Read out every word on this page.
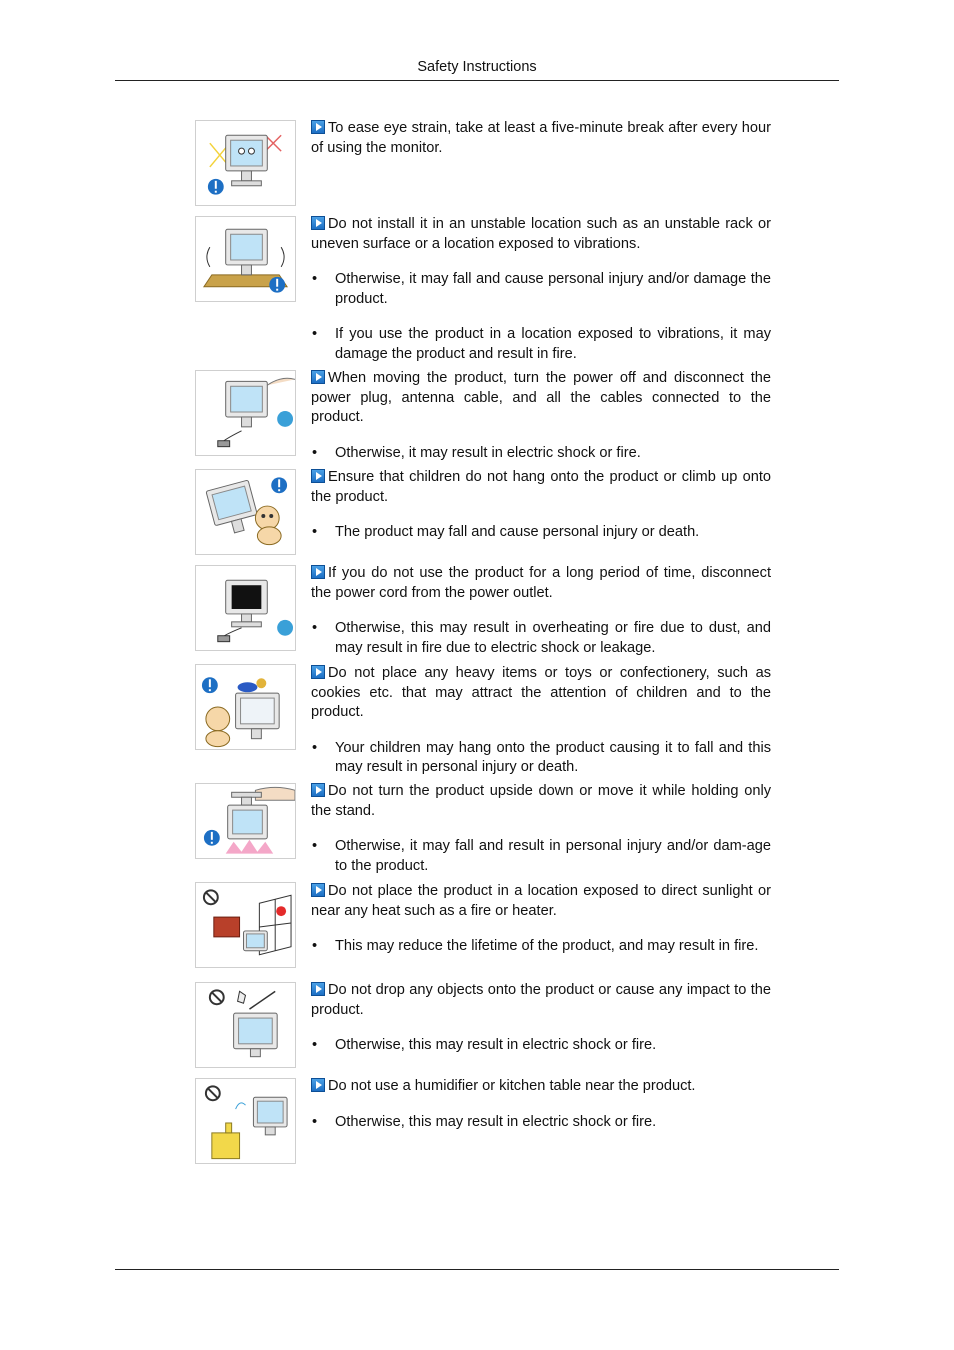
Safety Instructions

To ease eye strain, take at least a five-minute break after every hour of using the monitor.

Do not install it in an unstable location such as an unstable rack or uneven surface or a location exposed to vibrations.

• Otherwise, it may fall and cause personal injury and/or damage the product.

• If you use the product in a location exposed to vibrations, it may damage the product and result in fire.

When moving the product, turn the power off and disconnect the power plug, antenna cable, and all the cables connected to the product.

• Otherwise, it may result in electric shock or fire.

Ensure that children do not hang onto the product or climb up onto the product.

• The product may fall and cause personal injury or death.

If you do not use the product for a long period of time, disconnect the power cord from the power outlet.

• Otherwise, this may result in overheating or fire due to dust, and may result in fire due to electric shock or leakage.

Do not place any heavy items or toys or confectionery, such as cookies etc. that may attract the attention of children and to the product.

• Your children may hang onto the product causing it to fall and this may result in personal injury or death.

Do not turn the product upside down or move it while holding only the stand.

• Otherwise, it may fall and result in personal injury and/or dam-age to the product.

Do not place the product in a location exposed to direct sunlight or near any heat such as a fire or heater.

• This may reduce the lifetime of the product, and may result in fire.

Do not drop any objects onto the product or cause any impact to the product.

• Otherwise, this may result in electric shock or fire.

Do not use a humidifier or kitchen table near the product.

• Otherwise, this may result in electric shock or fire.
